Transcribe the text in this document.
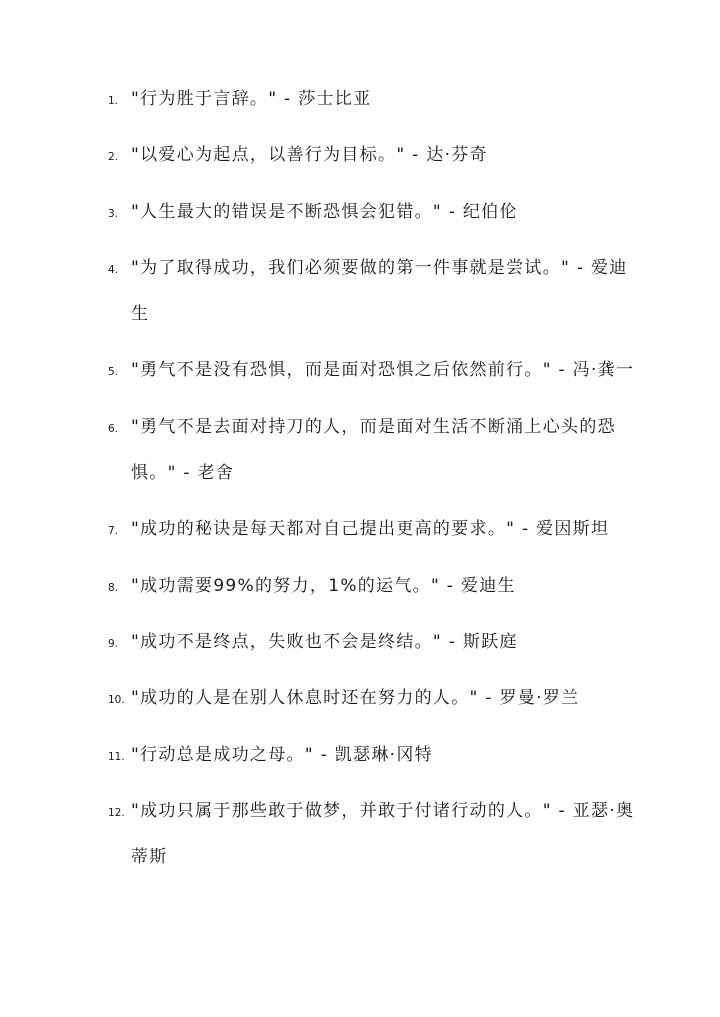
1. "行为胜于言辞。" - 莎士比亚
2. "以爱心为起点，以善行为目标。" - 达·芬奇
3. "人生最大的错误是不断恐惧会犯错。" - 纪伯伦
4. "为了取得成功，我们必须要做的第一件事就是尝试。" - 爱迪生
5. "勇气不是没有恐惧，而是面对恐惧之后依然前行。" - 冯·龚一
6. "勇气不是去面对持刀的人，而是面对生活不断涌上心头的恐惧。" - 老舍
7. "成功的秘诀是每天都对自己提出更高的要求。" - 爱因斯坦
8. "成功需要99%的努力，1%的运气。" - 爱迪生
9. "成功不是终点，失败也不会是终结。" - 斯跃庭
10. "成功的人是在别人休息时还在努力的人。" - 罗曼·罗兰
11. "行动总是成功之母。" - 凯瑟琳·冈特
12. "成功只属于那些敢于做梦，并敢于付诸行动的人。" - 亚瑟·奥蒂斯
